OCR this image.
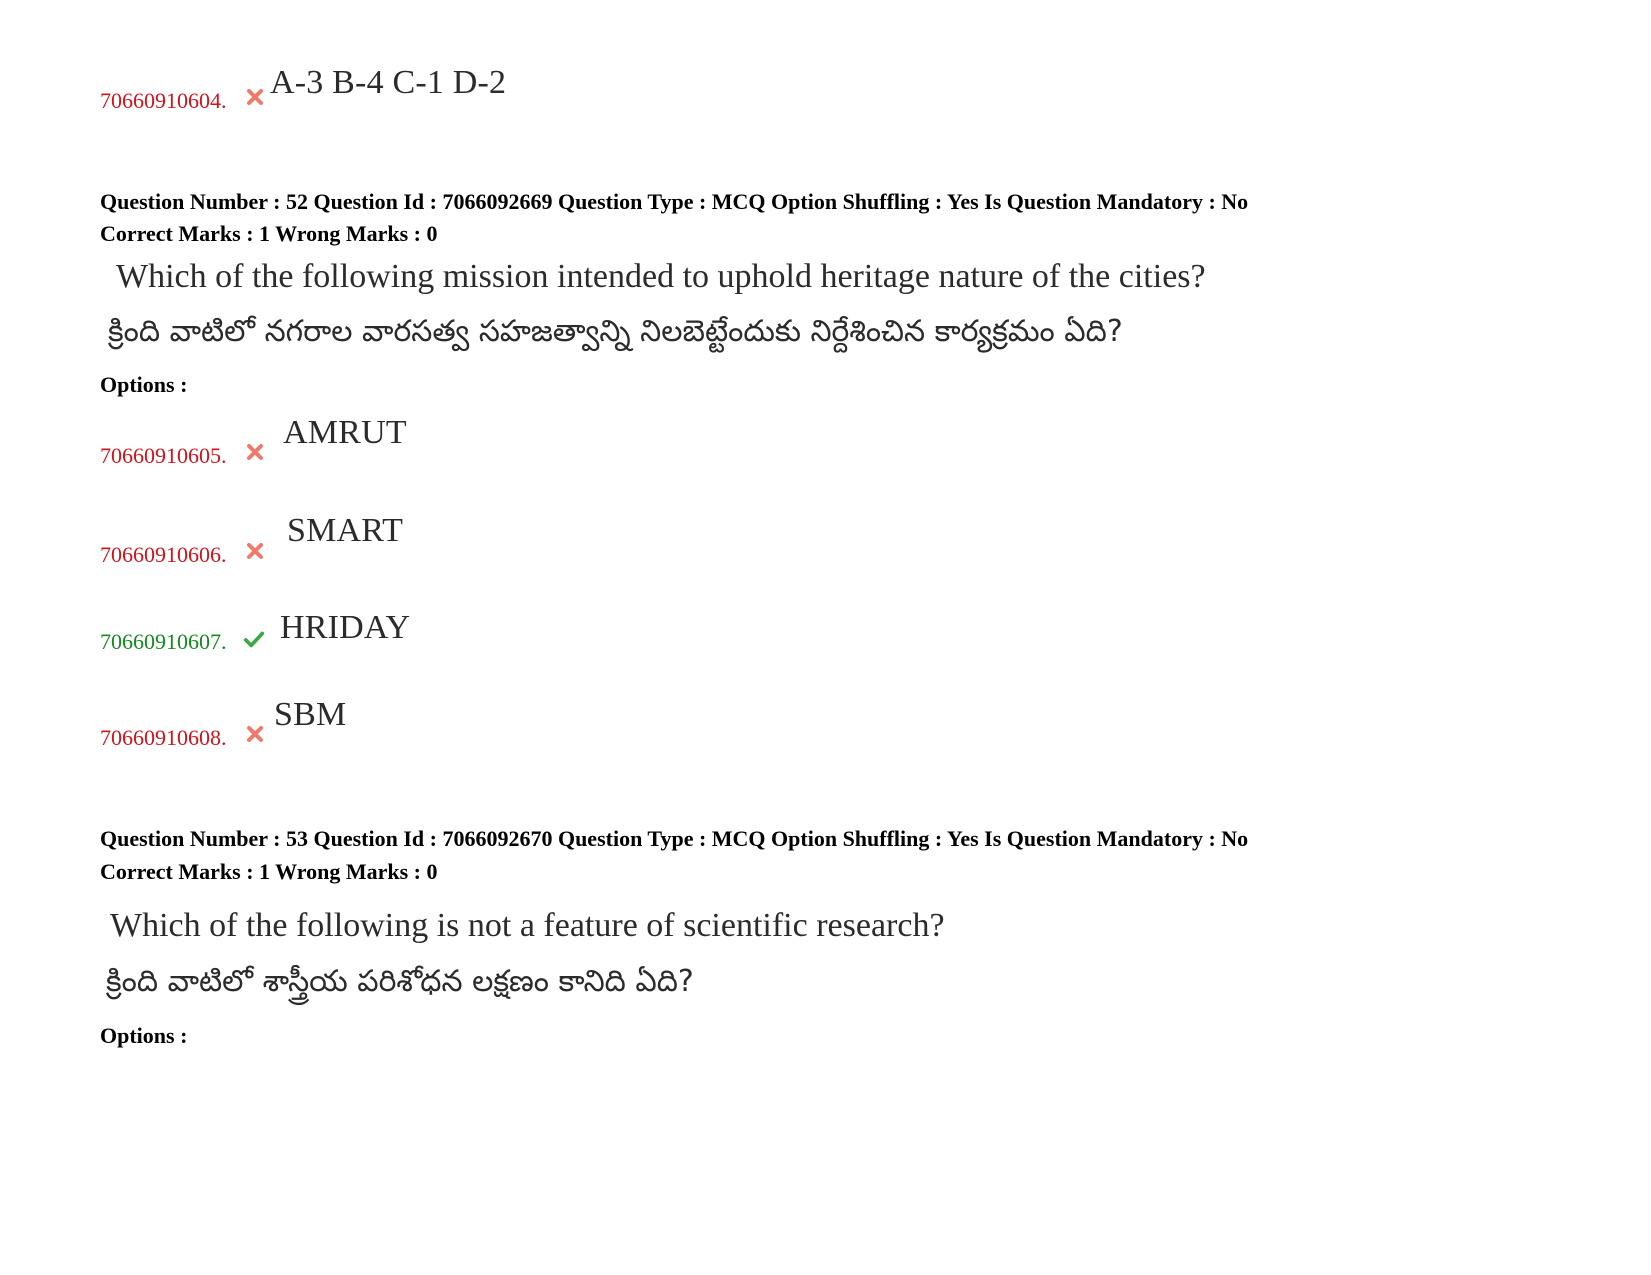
70660910604. A-3 B-4 C-1 D-2
Question Number : 52 Question Id : 7066092669 Question Type : MCQ Option Shuffling : Yes Is Question Mandatory : No
Correct Marks : 1 Wrong Marks : 0
Which of the following mission intended to uphold heritage nature of the cities?
క్రింది వాటిలో నగరాల వారసత్వ సహజత్వాన్ని నిలబెట్టేందుకు నిర్దేశించిన కార్యక్రమం ఏది?
Options :
70660910605.
AMRUT
70660910606.
SMART
70660910607. HRIDAY
70660910608.
SBM
Question Number : 53 Question Id : 7066092670 Question Type : MCQ Option Shuffling : Yes Is Question Mandatory : No
Correct Marks : 1 Wrong Marks : 0
Which of the following is not a feature of scientific research?
క్రింది వాటిలో శాస్త్రీయ పరిశోధన లక్షణం కానిది ఏది?
Options :
